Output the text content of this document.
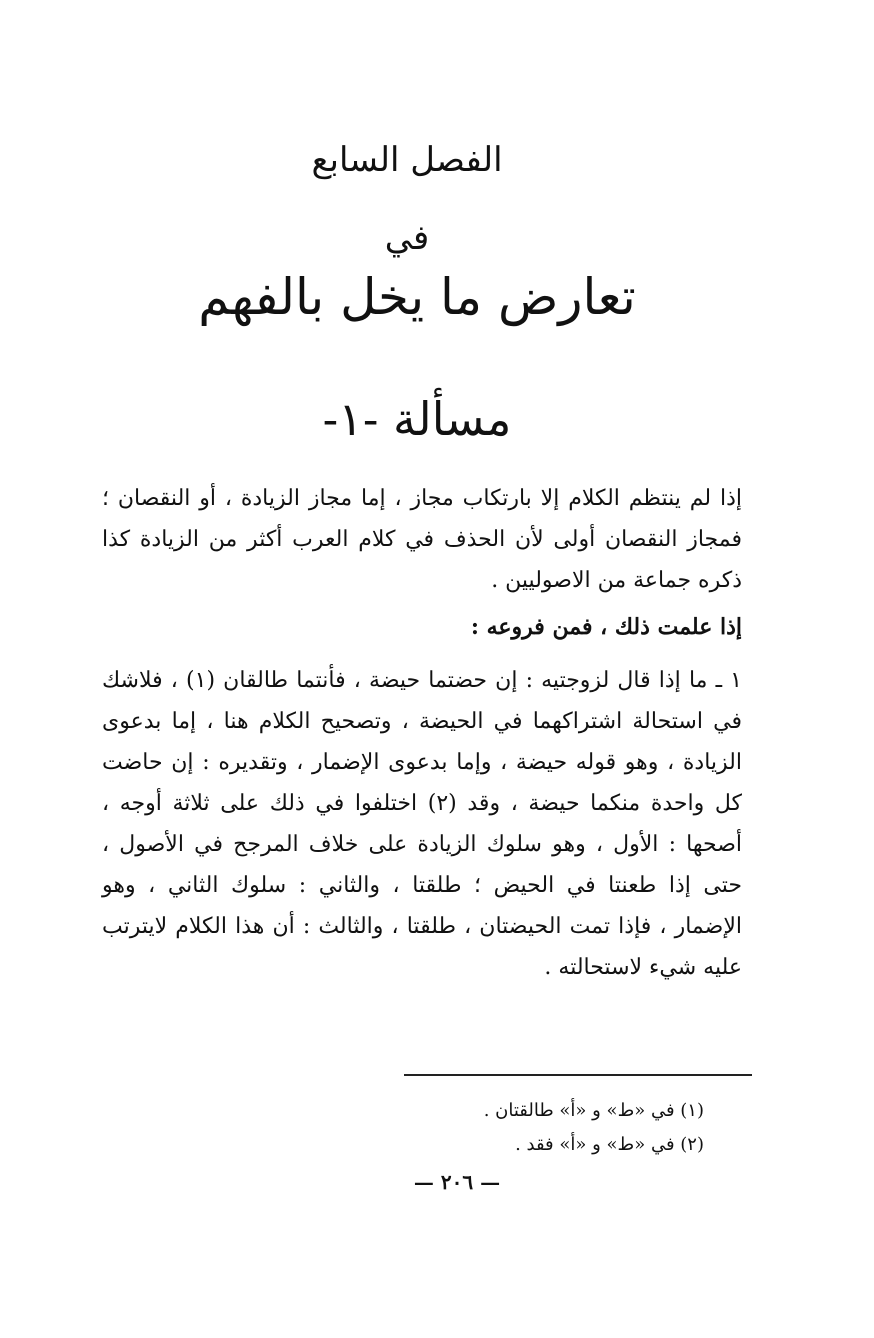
الفصل السابع
في
تعارض ما يخل بالفهم
مسألة -١-

إذا لم ينتظم الكلام إلا بارتكاب مجاز ، إما مجاز الزيادة ، أو النقصان ؛ فمجاز النقصان أولى لأن الحذف في كلام العرب أكثر من الزيادة كذا ذكره جماعة من الاصوليين .

إذا علمت ذلك ، فمن فروعه :

١ ـ ما إذا قال لزوجتيه : إن حضتما حيضة ، فأنتما طالقان (١) ، فلاشك في استحالة اشتراكهما في الحيضة ، وتصحيح الكلام هنا ، إما بدعوى الزيادة ، وهو قوله حيضة ، وإما بدعوى الإضمار ، وتقديره : إن حاضت كل واحدة منكما حيضة ، وقد (٢) اختلفوا في ذلك على ثلاثة أوجه ، أصحها : الأول ، وهو سلوك الزيادة على خلاف المرجح في الأصول ، حتى إذا طعنتا في الحيض ؛ طلقتا ، والثاني : سلوك الثاني ، وهو الإضمار ، فإذا تمت الحيضتان ، طلقتا ، والثالث : أن هذا الكلام لايترتب عليه شيء لاستحالته .

(١) في «ط» و «أ» طالقتان .
(٢) في «ط» و «أ» فقد .
— ٢٠٦ —
